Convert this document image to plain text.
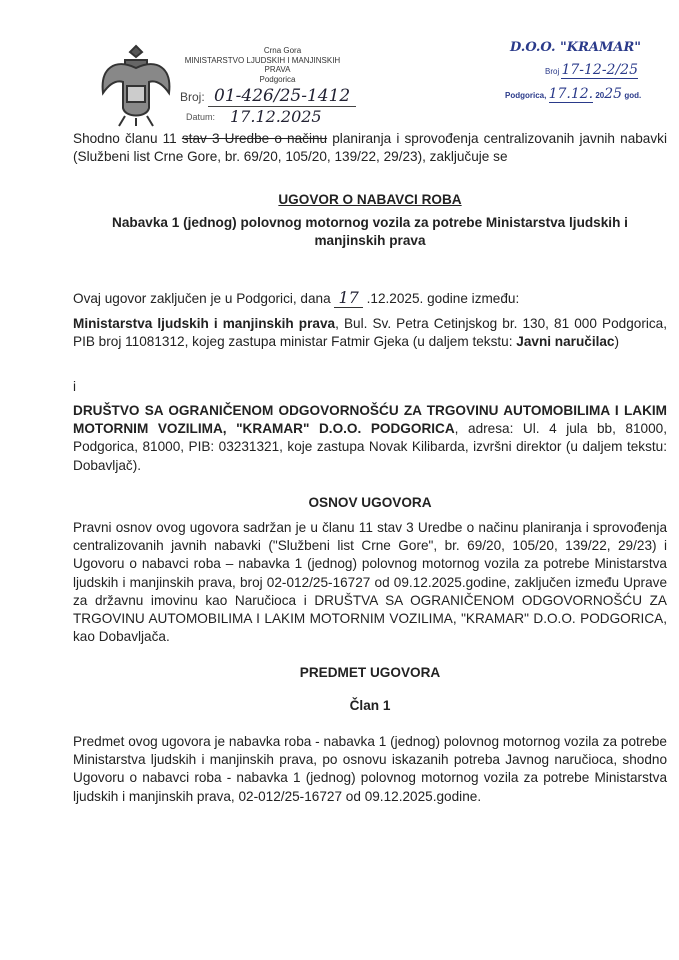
Crna Gora
MINISTARSTVO LJUDSKIH I MANJINSKIH
PRAVA
Podgorica
Broj: 01-426/25-1412
Datum: 17.12.2025
D.O.O. "KRAMAR"
Broj 17-12-2/25
Podgorica, 17.12. 2025 god.
Shodno članu 11 stav 3 Uredbe o načinu planiranja i sprovođenja centralizovanih javnih nabavki (Službeni list Crne Gore, br. 69/20, 105/20, 139/22, 29/23), zaključuje se
UGOVOR O NABAVCI ROBA
Nabavka 1 (jednog) polovnog motornog vozila za potrebe Ministarstva ljudskih i manjinskih prava
Ovaj ugovor zaključen je u Podgorici, dana 17 .12.2025. godine između:
Ministarstva ljudskih i manjinskih prava, Bul. Sv. Petra Cetinjskog br. 130, 81 000 Podgorica, PIB broj 11081312, kojeg zastupa ministar Fatmir Gjeka (u daljem tekstu: Javni naručilac)
i
DRUŠTVO SA OGRANIČENOM ODGOVORNOŠĆU ZA TRGOVINU AUTOMOBILIMA I LAKIM MOTORNIM VOZILIMA, "KRAMAR" D.O.O. PODGORICA, adresa: Ul. 4 jula bb, 81000, Podgorica, 81000, PIB: 03231321, koje zastupa Novak Kilibarda, izvršni direktor (u daljem tekstu: Dobavljač).
OSNOV UGOVORA
Pravni osnov ovog ugovora sadržan je u članu 11 stav 3 Uredbe o načinu planiranja i sprovođenja centralizovanih javnih nabavki ("Službeni list Crne Gore", br. 69/20, 105/20, 139/22, 29/23) i Ugovoru o nabavci roba – nabavka 1 (jednog) polovnog motornog vozila za potrebe Ministarstva ljudskih i manjinskih prava, broj 02-012/25-16727 od 09.12.2025.godine, zaključen između Uprave za državnu imovinu kao Naručioca i DRUŠTVA SA OGRANIČENOM ODGOVORNOŠĆU ZA TRGOVINU AUTOMOBILIMA I LAKIM MOTORNIM VOZILIMA, "KRAMAR" D.O.O. PODGORICA, kao Dobavljača.
PREDMET UGOVORA
Član 1
Predmet ovog ugovora je nabavka roba - nabavka 1 (jednog) polovnog motornog vozila za potrebe Ministarstva ljudskih i manjinskih prava, po osnovu iskazanih potreba Javnog naručioca, shodno Ugovoru o nabavci roba - nabavka 1 (jednog) polovnog motornog vozila za potrebe Ministarstva ljudskih i manjinskih prava, 02-012/25-16727 od 09.12.2025.godine.
